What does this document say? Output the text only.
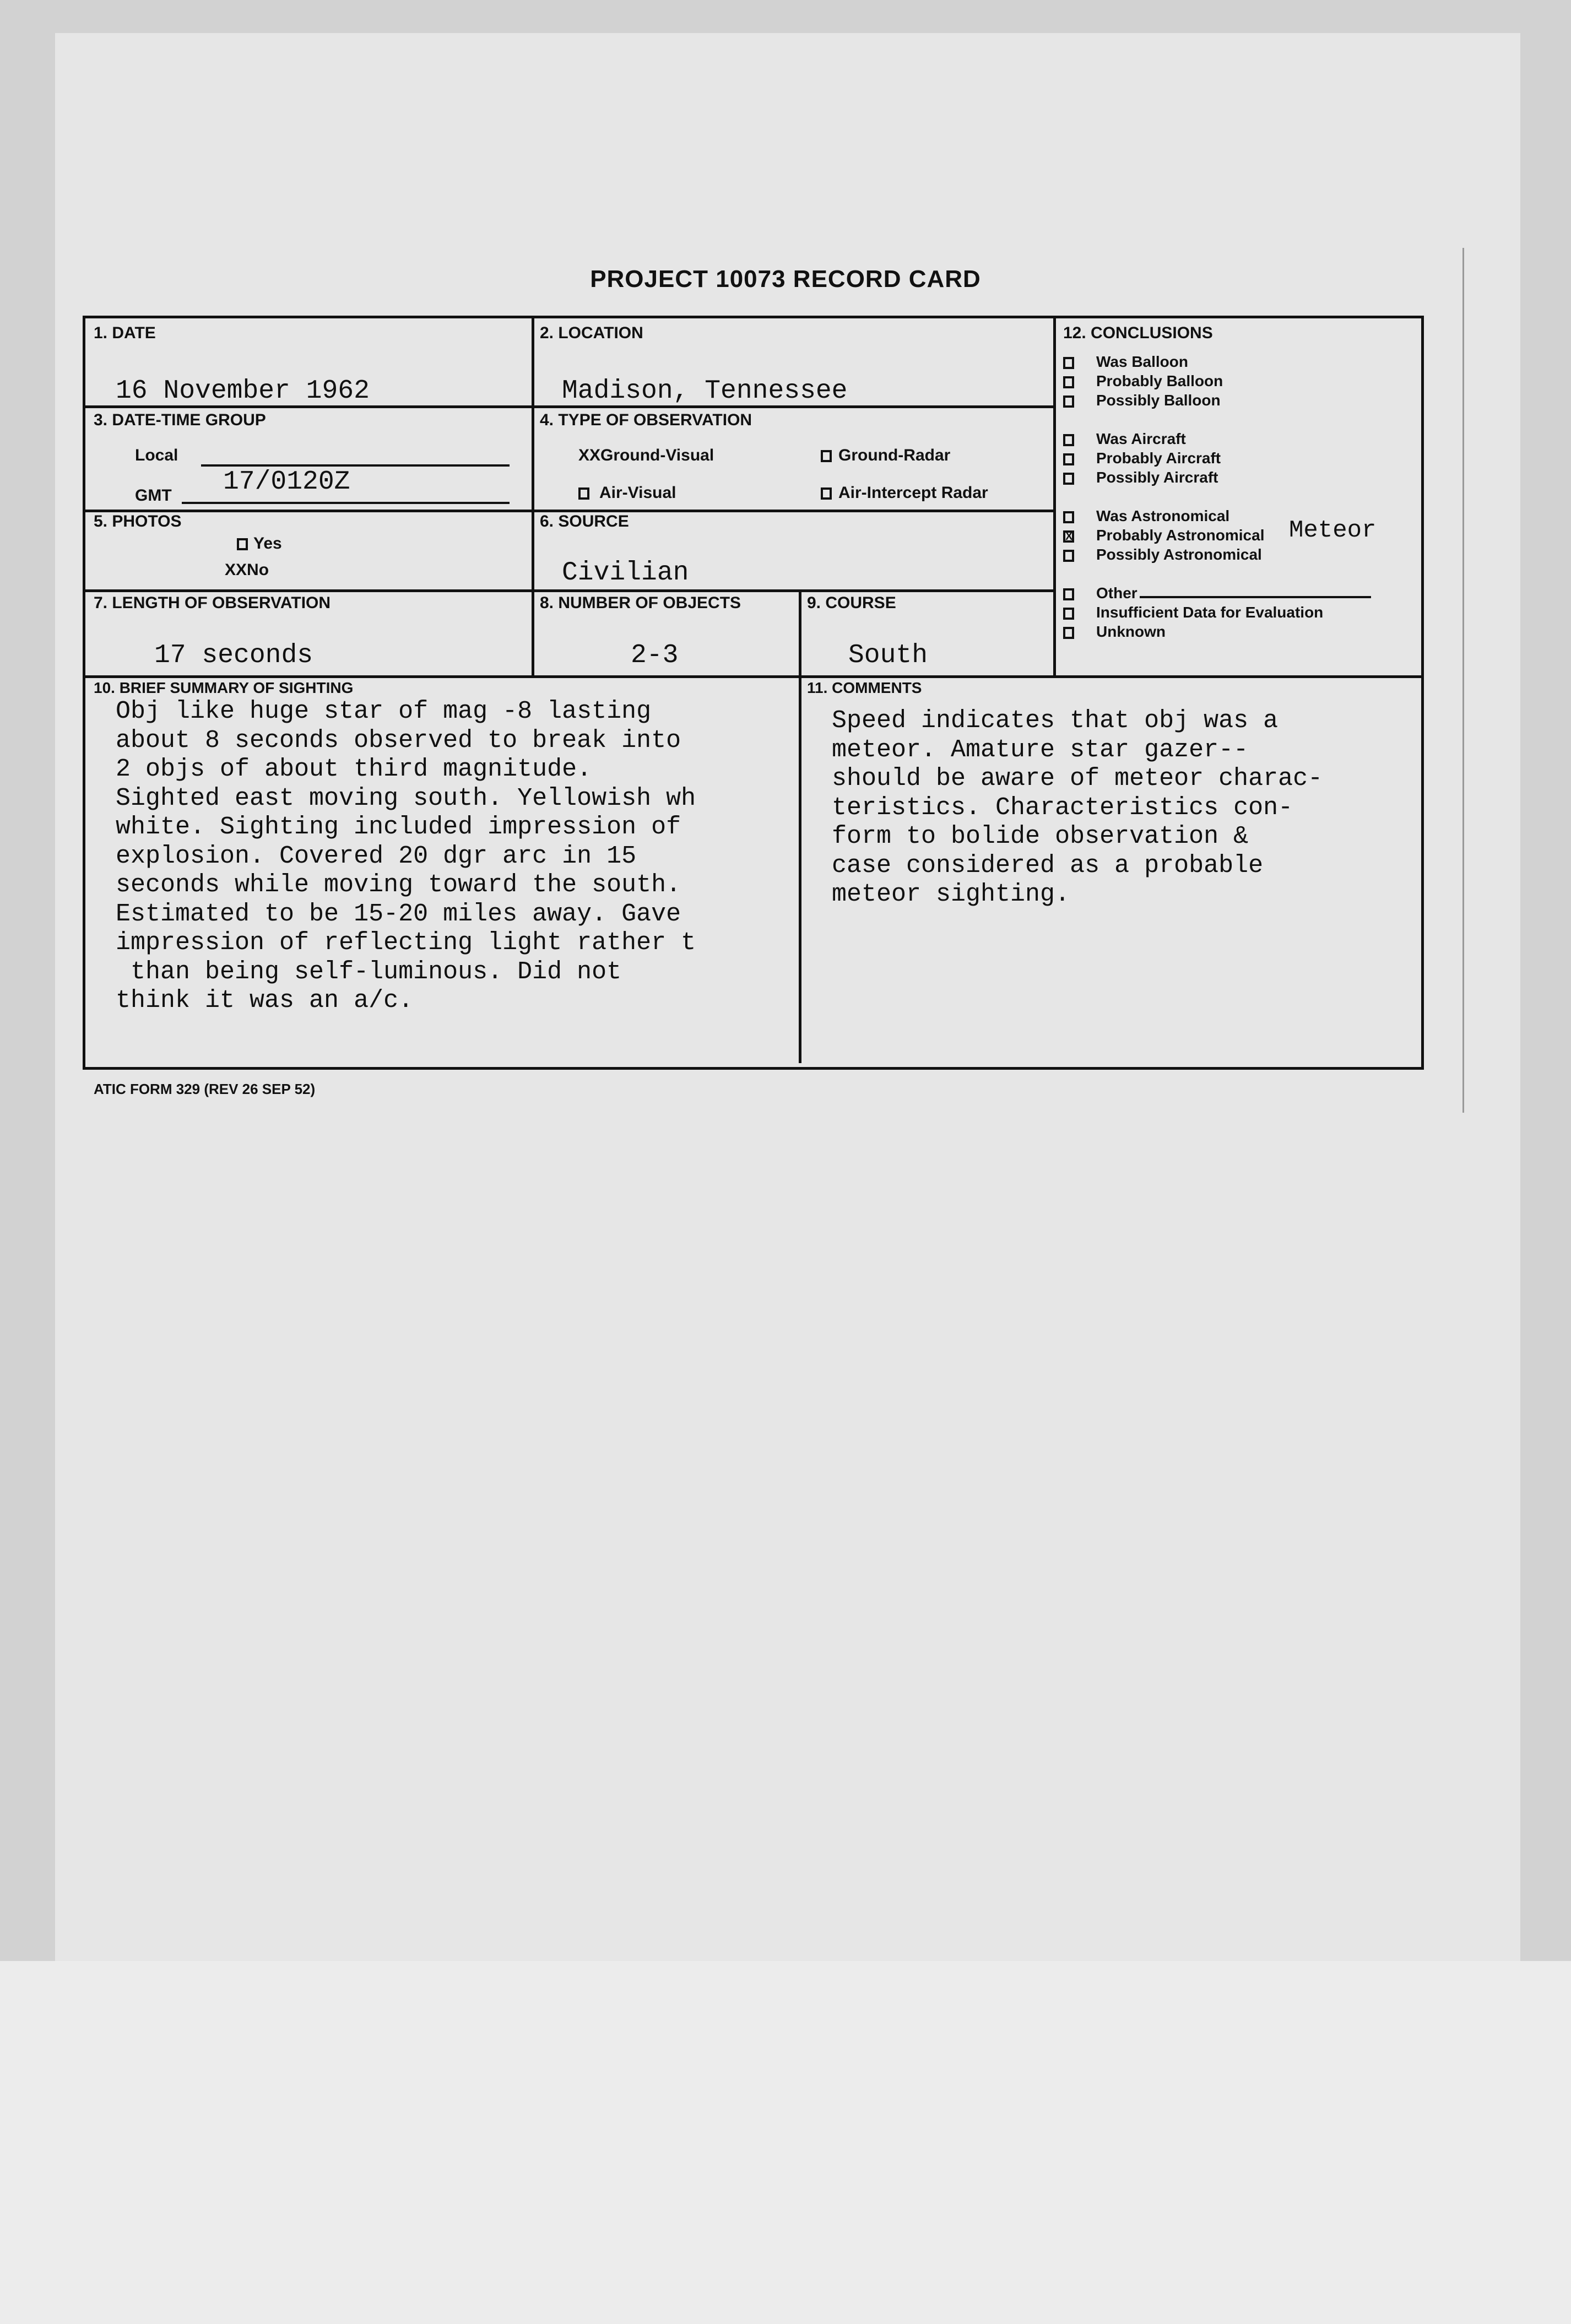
PROJECT 10073 RECORD CARD
1. DATE
16 November 1962
2. LOCATION
Madison, Tennessee
3. DATE-TIME GROUP
Local
GMT 17/0120Z
4. TYPE OF OBSERVATION
XXGround-Visual	Ground-Radar
Air-Visual	Air-Intercept Radar
5. PHOTOS
Yes
XXNo
6. SOURCE
Civilian
7. LENGTH OF OBSERVATION
17 seconds
8. NUMBER OF OBJECTS
2-3
9. COURSE
South
12. CONCLUSIONS
Was Balloon
Probably Balloon
Possibly Balloon
Was Aircraft
Probably Aircraft
Possibly Aircraft
Was Astronomical
X Probably Astronomical
Possibly Astronomical
Other
Insufficient Data for Evaluation
Unknown
Meteor
10. BRIEF SUMMARY OF SIGHTING
Obj like huge star of mag -8 lasting
about 8 seconds observed to break into
2 objs of about third magnitude.
Sighted east moving south. Yellowish wh
white. Sighting included impression of
explosion. Covered 20 dgr arc in 15
seconds while moving toward the south.
Estimated to be 15-20 miles away. Gave
impression of reflecting light rather t
than being self-luminous. Did not
think it was an a/c.
11. COMMENTS
Speed indicates that obj was a
meteor. Amature star gazer--
should be aware of meteor charac-
teristics. Characteristics con-
form to bolide observation &
case considered as a probable
meteor sighting.
ATIC FORM 329 (REV 26 SEP 52)
